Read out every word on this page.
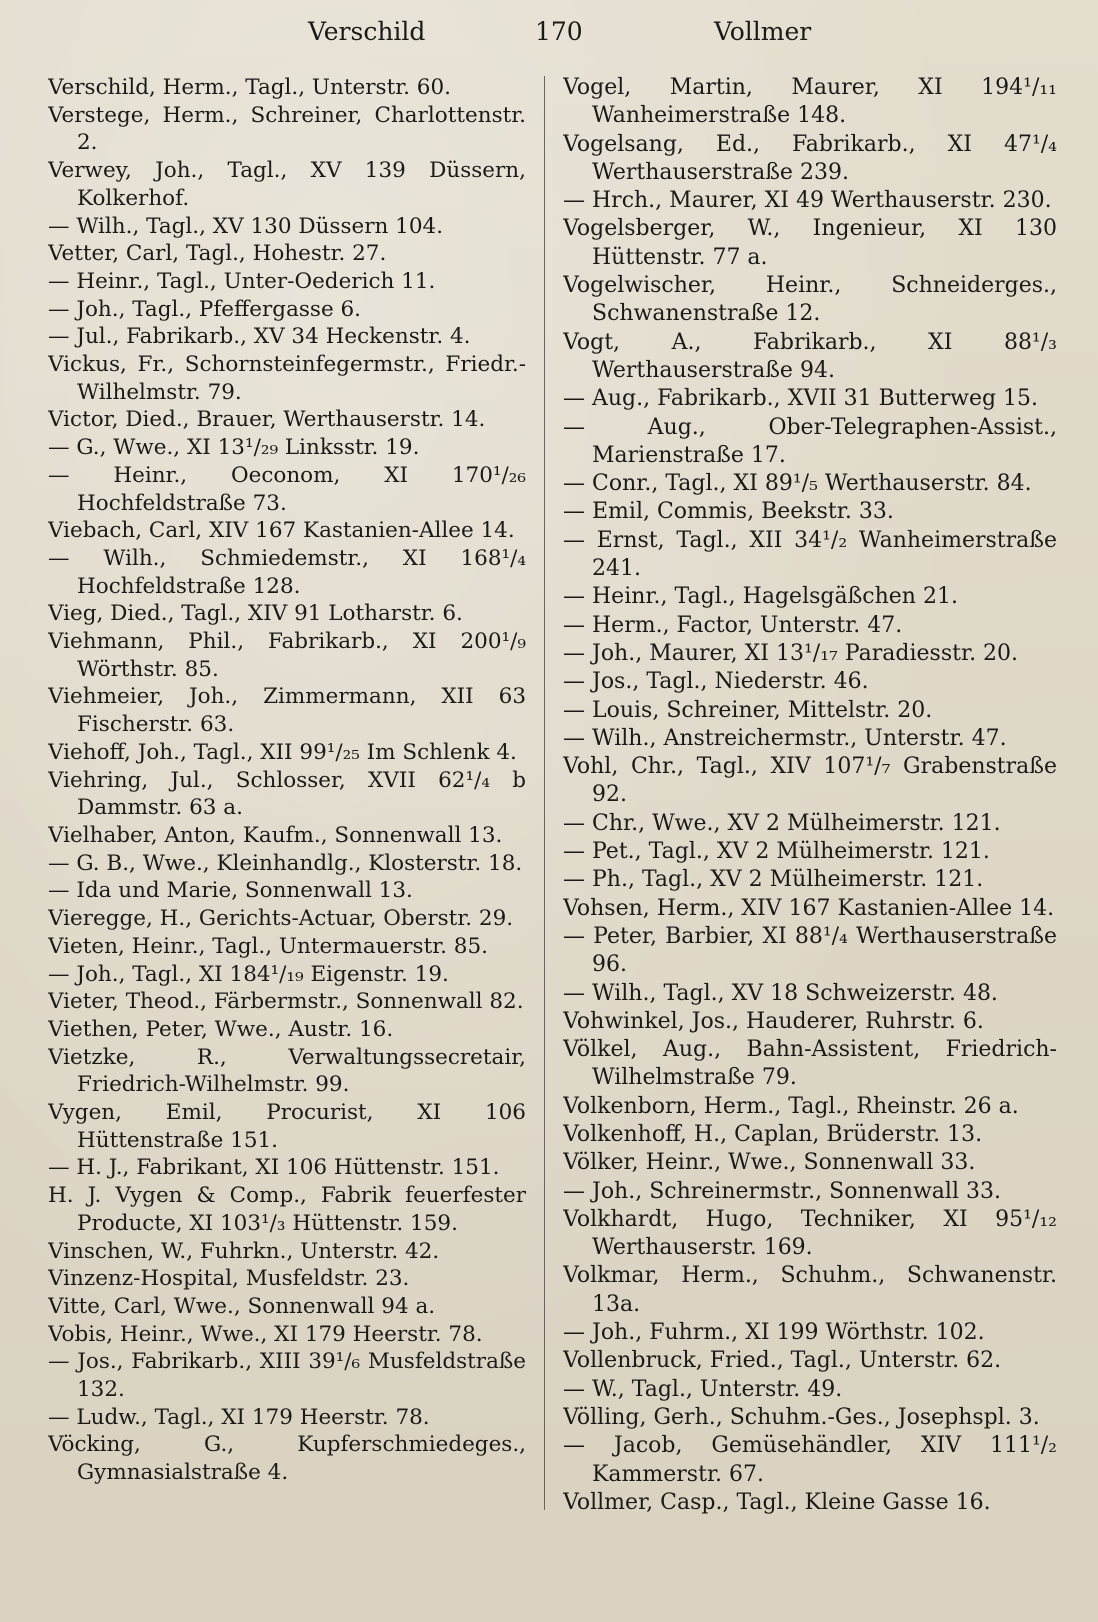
Verschild	170	Vollmer
Verschild, Herm., Tagl., Unterstr. 60.
Verstege, Herm., Schreiner, Charlottenstr. 2.
Verwey, Joh., Tagl., XV 139 Düssern, Kolkerhof.
— Wilh., Tagl., XV 130 Düssern 104.
Vetter, Carl, Tagl., Hohestr. 27.
— Heinr., Tagl., Unter-Oederich 11.
— Joh., Tagl., Pfeffergasse 6.
— Jul., Fabrikarb., XV 34 Heckenstr. 4.
Vickus, Fr., Schornsteinfegermstr., Friedr.-Wilhelmstr. 79.
Victor, Died., Brauer, Werthauserstr. 14.
— G., Wwe., XI 13¹/₂₉ Linksstr. 19.
— Heinr., Oeconom, XI 170¹/₂₆ Hochfeldstraße 73.
Viebach, Carl, XIV 167 Kastanien-Allee 14.
— Wilh., Schmiedemstr., XI 168¹/₄ Hochfeldstraße 128.
Vieg, Died., Tagl., XIV 91 Lotharstr. 6.
Viehmann, Phil., Fabrikarb., XI 200¹/₉ Wörthstr. 85.
Viehmeier, Joh., Zimmermann, XII 63 Fischerstr. 63.
Viehoff, Joh., Tagl., XII 99¹/₂₅ Im Schlenk 4.
Viehring, Jul., Schlosser, XVII 62¹/₄ b Dammstr. 63 a.
Vielhaber, Anton, Kaufm., Sonnenwall 13.
— G. B., Wwe., Kleinhandlg., Klosterstr. 18.
— Ida und Marie, Sonnenwall 13.
Vieregge, H., Gerichts-Actuar, Oberstr. 29.
Vieten, Heinr., Tagl., Untermauerstr. 85.
— Joh., Tagl., XI 184¹/₁₉ Eigenstr. 19.
Vieter, Theod., Färbermstr., Sonnenwall 82.
Viethen, Peter, Wwe., Austr. 16.
Vietzke, R., Verwaltungssecretair, Friedrich-Wilhelmstr. 99.
Vygen, Emil, Procurist, XI 106 Hüttenstraße 151.
— H. J., Fabrikant, XI 106 Hüttenstr. 151.
H. J. Vygen & Comp., Fabrik feuerfester Producte, XI 103¹/₃ Hüttenstr. 159.
Vinschen, W., Fuhrkn., Unterstr. 42.
Vinzenz-Hospital, Musfeldstr. 23.
Vitte, Carl, Wwe., Sonnenwall 94 a.
Vobis, Heinr., Wwe., XI 179 Heerstr. 78.
— Jos., Fabrikarb., XIII 39¹/₆ Musfeldstraße 132.
— Ludw., Tagl., XI 179 Heerstr. 78.
Vöcking, G., Kupferschmiedeges., Gymnasialstraße 4.
Vogel, Martin, Maurer, XI 194¹/₁₁ Wanheimerstraße 148.
Vogelsang, Ed., Fabrikarb., XI 47¹/₄ Werthauserstraße 239.
— Hrch., Maurer, XI 49 Werthauserstr. 230.
Vogelsberger, W., Ingenieur, XI 130 Hüttenstr. 77 a.
Vogelwischer, Heinr., Schneiderges., Schwanenstraße 12.
Vogt, A., Fabrikarb., XI 88¹/₃ Werthauserstraße 94.
— Aug., Fabrikarb., XVII 31 Butterweg 15.
— Aug., Ober-Telegraphen-Assist., Marienstraße 17.
— Conr., Tagl., XI 89¹/₅ Werthauserstr. 84.
— Emil, Commis, Beekstr. 33.
— Ernst, Tagl., XII 34¹/₂ Wanheimerstraße 241.
— Heinr., Tagl., Hagelsgäßchen 21.
— Herm., Factor, Unterstr. 47.
— Joh., Maurer, XI 13¹/₁₇ Paradiesstr. 20.
— Jos., Tagl., Niederstr. 46.
— Louis, Schreiner, Mittelstr. 20.
— Wilh., Anstreichermstr., Unterstr. 47.
Vohl, Chr., Tagl., XIV 107¹/₇ Grabenstraße 92.
— Chr., Wwe., XV 2 Mülheimerstr. 121.
— Pet., Tagl., XV 2 Mülheimerstr. 121.
— Ph., Tagl., XV 2 Mülheimerstr. 121.
Vohsen, Herm., XIV 167 Kastanien-Allee 14.
— Peter, Barbier, XI 88¹/₄ Werthauserstraße 96.
— Wilh., Tagl., XV 18 Schweizerstr. 48.
Vohwinkel, Jos., Hauderer, Ruhrstr. 6.
Völkel, Aug., Bahn-Assistent, Friedrich-Wilhelmstraße 79.
Volkenborn, Herm., Tagl., Rheinstr. 26 a.
Volkenhoff, H., Caplan, Brüderstr. 13.
Völker, Heinr., Wwe., Sonnenwall 33.
— Joh., Schreinermstr., Sonnenwall 33.
Volkhardt, Hugo, Techniker, XI 95¹/₁₂ Werthauserstr. 169.
Volkmar, Herm., Schuhm., Schwanenstr. 13a.
— Joh., Fuhrm., XI 199 Wörthstr. 102.
Vollenbruck, Fried., Tagl., Unterstr. 62.
— W., Tagl., Unterstr. 49.
Völling, Gerh., Schuhm.-Ges., Josephspl. 3.
— Jacob, Gemüsehändler, XIV 111¹/₂ Kammerstr. 67.
Vollmer, Casp., Tagl., Kleine Gasse 16.
